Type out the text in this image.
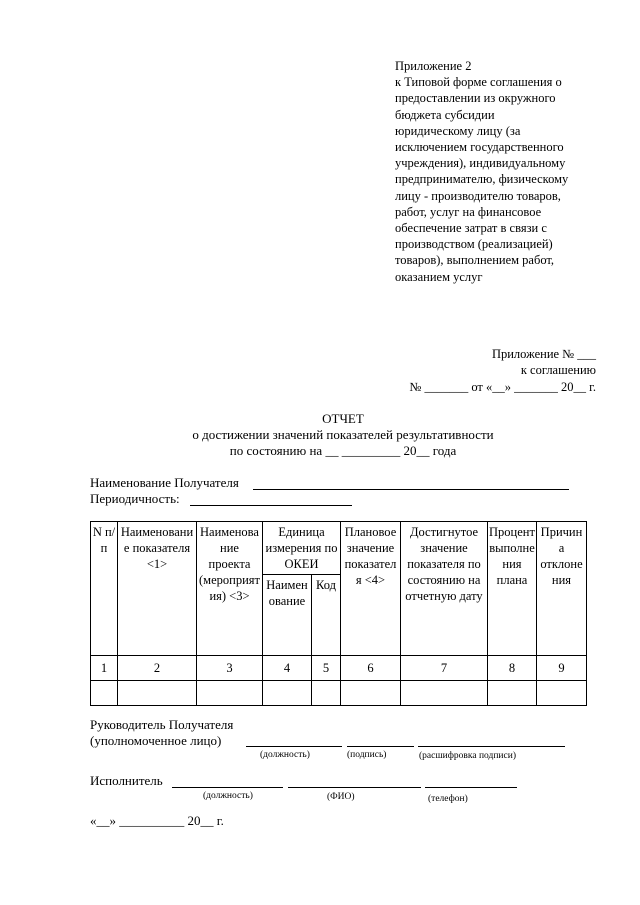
Приложение 2
к Типовой форме соглашения о
предоставлении из окружного
бюджета субсидии
юридическому лицу (за
исключением государственного
учреждения), индивидуальному
предпринимателю, физическому
лицу - производителю товаров,
работ, услуг на финансовое
обеспечение затрат в связи с
производством (реализацией)
товаров), выполнением работ,
оказанием услуг
Приложение № ___
к соглашению
№ _______ от «__» _______ 20__ г.
ОТЧЕТ
о достижении значений показателей результативности
по состоянию на __ _________ 20__ года
Наименование Получателя
Периодичность:
N п/п	Наименование показателя <1>	Наименование проекта (мероприятия) <3>	Единица измерения по ОКЕИ		Плановое значение показателя <4>	Достигнутое значение показателя по состоянию на отчетную дату	Процент выполнения плана	Причина отклонения
			Наименование	Код				
1	2	3	4	5	6	7	8	9

Руководитель Получателя
(уполномоченное лицо)
(должность)	(подпись)	(расшифровка подписи)
Исполнитель
(должность)	(ФИО)	(телефон)
«__» __________ 20__ г.
